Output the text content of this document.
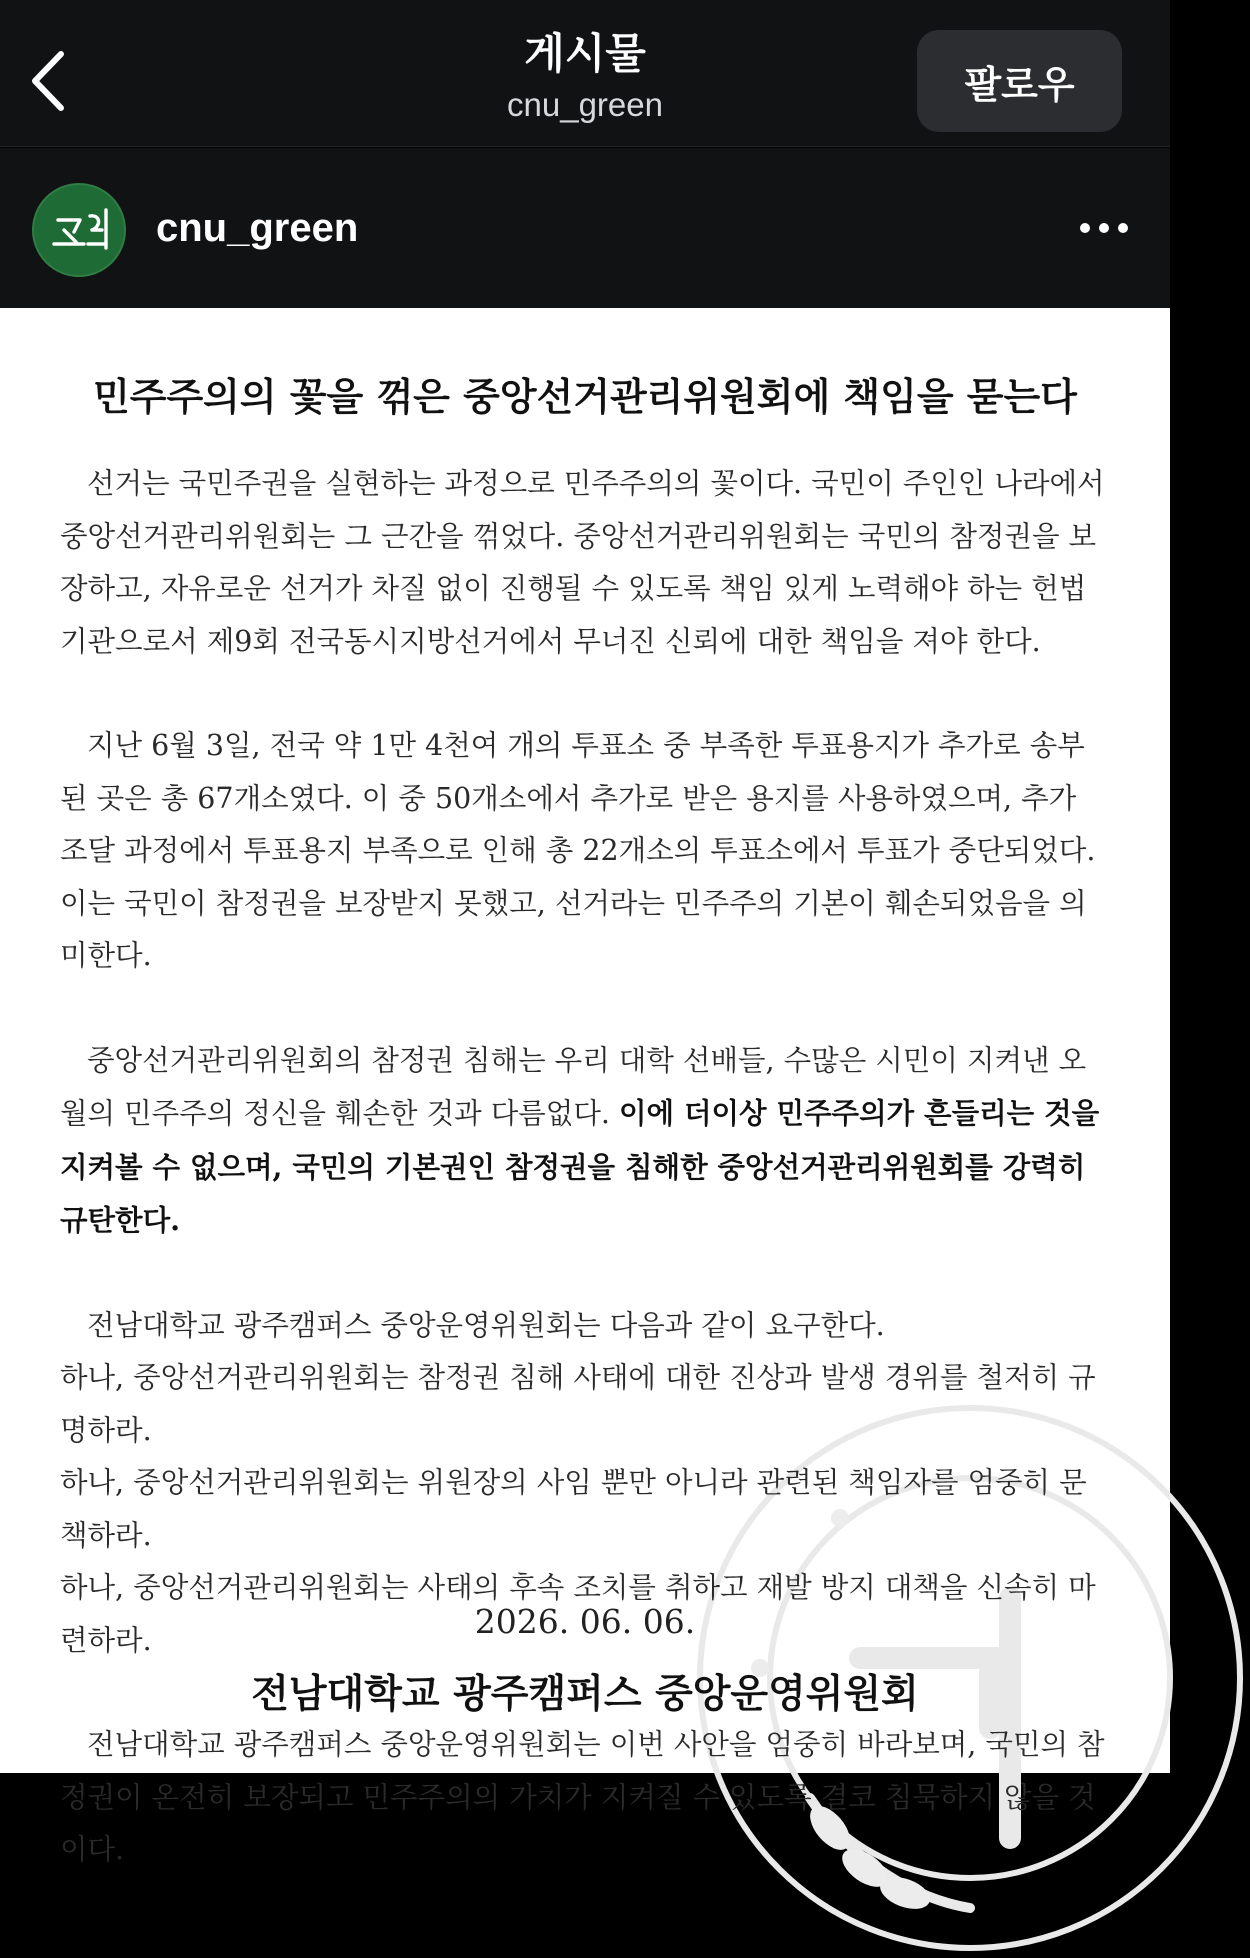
게시물
cnu_green	팔로우
cnu_green
민주주의의 꽃을 꺾은 중앙선거관리위원회에 책임을 묻는다

선거는 국민주권을 실현하는 과정으로 민주주의의 꽃이다. 국민이 주인인 나라에서 중앙선거관리위원회는 그 근간을 꺾었다. 중앙선거관리위원회는 국민의 참정권을 보장하고, 자유로운 선거가 차질 없이 진행될 수 있도록 책임 있게 노력해야 하는 헌법기관으로서 제9회 전국동시지방선거에서 무너진 신뢰에 대한 책임을 져야 한다.

지난 6월 3일, 전국 약 1만 4천여 개의 투표소 중 부족한 투표용지가 추가로 송부된 곳은 총 67개소였다. 이 중 50개소에서 추가로 받은 용지를 사용하였으며, 추가 조달 과정에서 투표용지 부족으로 인해 총 22개소의 투표소에서 투표가 중단되었다. 이는 국민이 참정권을 보장받지 못했고, 선거라는 민주주의 기본이 훼손되었음을 의미한다.

중앙선거관리위원회의 참정권 침해는 우리 대학 선배들, 수많은 시민이 지켜낸 오월의 민주주의 정신을 훼손한 것과 다름없다. 이에 더이상 민주주의가 흔들리는 것을 지켜볼 수 없으며, 국민의 기본권인 참정권을 침해한 중앙선거관리위원회를 강력히 규탄한다.

전남대학교 광주캠퍼스 중앙운영위원회는 다음과 같이 요구한다.
하나, 중앙선거관리위원회는 참정권 침해 사태에 대한 진상과 발생 경위를 철저히 규명하라.
하나, 중앙선거관리위원회는 위원장의 사임 뿐만 아니라 관련된 책임자를 엄중히 문책하라.
하나, 중앙선거관리위원회는 사태의 후속 조치를 취하고 재발 방지 대책을 신속히 마련하라.

전남대학교 광주캠퍼스 중앙운영위원회는 이번 사안을 엄중히 바라보며, 국민의 참정권이 온전히 보장되고 민주주의의 가치가 지켜질 수 있도록 결코 침묵하지 않을 것이다.

2026. 06. 06.
전남대학교 광주캠퍼스 중앙운영위원회
